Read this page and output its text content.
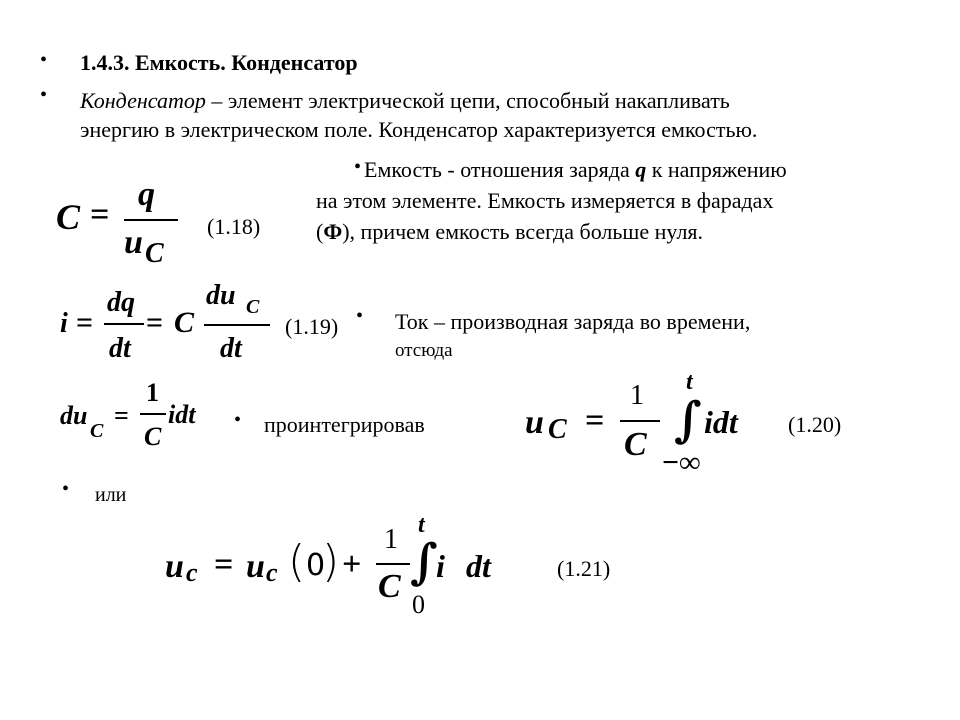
•
•
•
•
•
•
1.4.3. Емкость. Конденсатор
Конденсатор – элемент электрической цепи, способный накапливать
энергию в электрическом поле. Конденсатор характеризуется емкостью.
Емкость - отношения заряда q к напряжению
на этом элементе. Емкость измеряется в фарадах
(Ф), причем емкость всегда больше нуля.
C =
q
u C
(1.18)
i =
dq
dt
= C
du C
dt
(1.19)	Ток – производная заряда во времени,
отсюда
du
C
=
1
C
idt	проинтегрировав	u C =
1
C ∫
t
−∞
idt (1.20)
или
u c = u c ( 0
) +
1
C ∫
t
0
i dt	(1.21)
